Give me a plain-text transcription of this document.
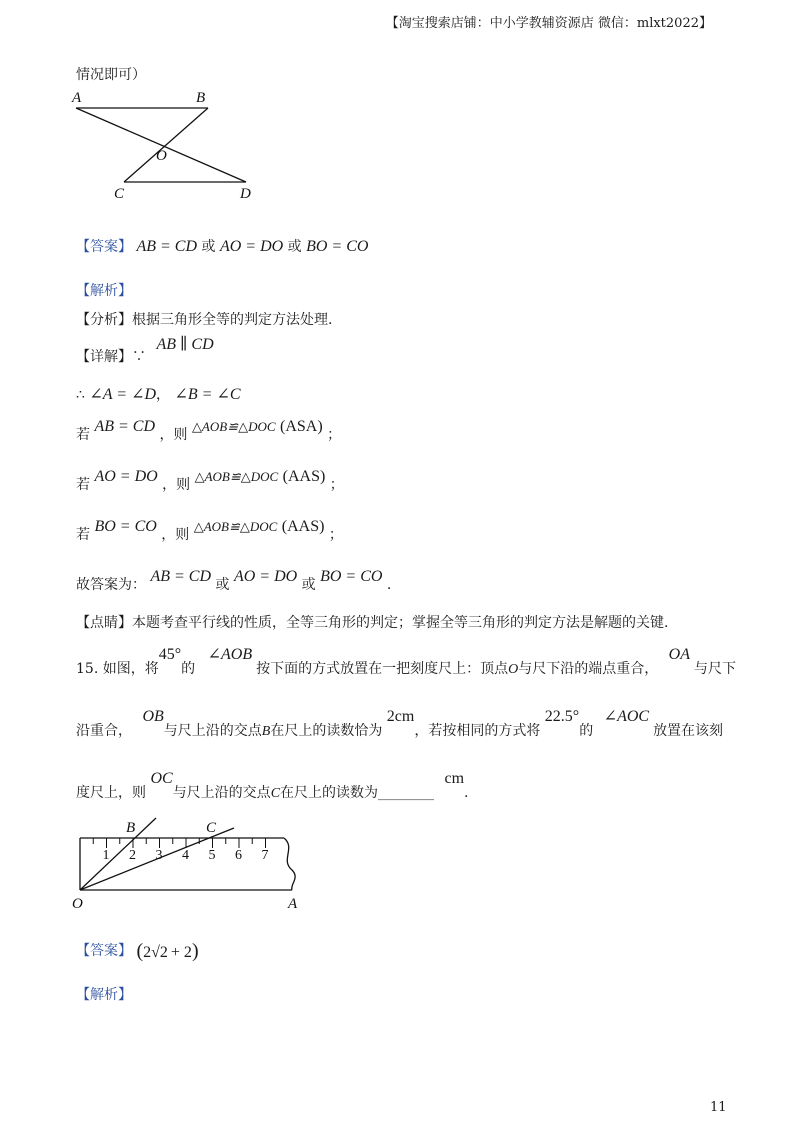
【淘宝搜索店铺：中小学教辅资源店 微信：mlxt2022】
情况即可）
A	B
O
C	D
【答案】 AB = CD 或 AO = DO 或 BO = CO
【解析】
【分析】根据三角形全等的判定方法处理.
【详解】∵ AB ∥ CD
∴ ∠A = ∠D， ∠B = ∠C
若 AB = CD ，则 △AOB≌△DOC (ASA) ；
若 AO = DO ，则 △AOB≌△DOC (AAS) ；
若 BO = CO ，则 △AOB≌△DOC (AAS) ；
故答案为： AB = CD 或 AO = DO 或 BO = CO .
【点睛】本题考查平行线的性质，全等三角形的判定；掌握全等三角形的判定方法是解题的关键.
15. 如图，将45°的 ∠AOB按下面的方式放置在一把刻度尺上：顶点O与尺下沿的端点重合， OA与尺下
沿重合， OB与尺上沿的交点B在尺上的读数恰为 2cm，若按相同的方式将 22.5°的 ∠AOC放置在该刻
度尺上，则 OC与尺上沿的交点C在尺上的读数为________ cm.
1 2 3 4 5 6 7
B	C
O	A
【答案】 (2√2 + 2)
【解析】
11
